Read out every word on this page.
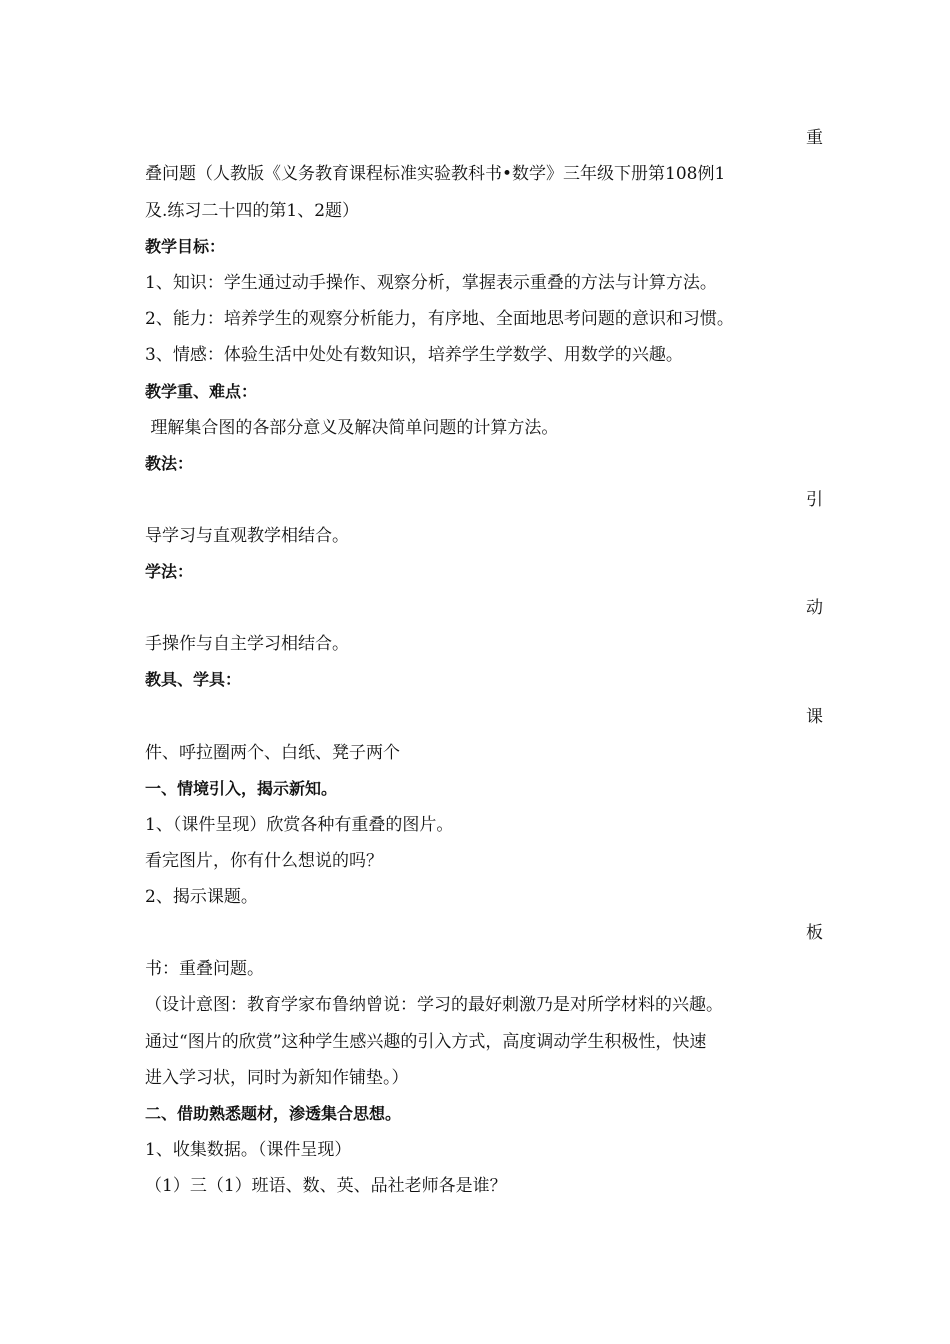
重
叠问题（人教版《义务教育课程标准实验教科书•数学》三年级下册第108例1
及.练习二十四的第1、2题）
教学目标：
1、知识：学生通过动手操作、观察分析，掌握表示重叠的方法与计算方法。
2、能力：培养学生的观察分析能力，有序地、全面地思考问题的意识和习惯。
3、情感：体验生活中处处有数知识，培养学生学数学、用数学的兴趣。
教学重、难点：
理解集合图的各部分意义及解决简单问题的计算方法。
教法：
引
导学习与直观教学相结合。
学法：
动
手操作与自主学习相结合。
教具、学具：
课
件、呼拉圈两个、白纸、凳子两个
一、情境引入，揭示新知。
1、（课件呈现）欣赏各种有重叠的图片。
看完图片，你有什么想说的吗？
2、揭示课题。
板
书：重叠问题。
（设计意图：教育学家布鲁纳曾说：学习的最好刺激乃是对所学材料的兴趣。
通过“图片的欣赏”这种学生感兴趣的引入方式，高度调动学生积极性，快速
进入学习状，同时为新知作铺垫。）
二、借助熟悉题材，渗透集合思想。
1、收集数据。（课件呈现）
（1）三（1）班语、数、英、品社老师各是谁？
